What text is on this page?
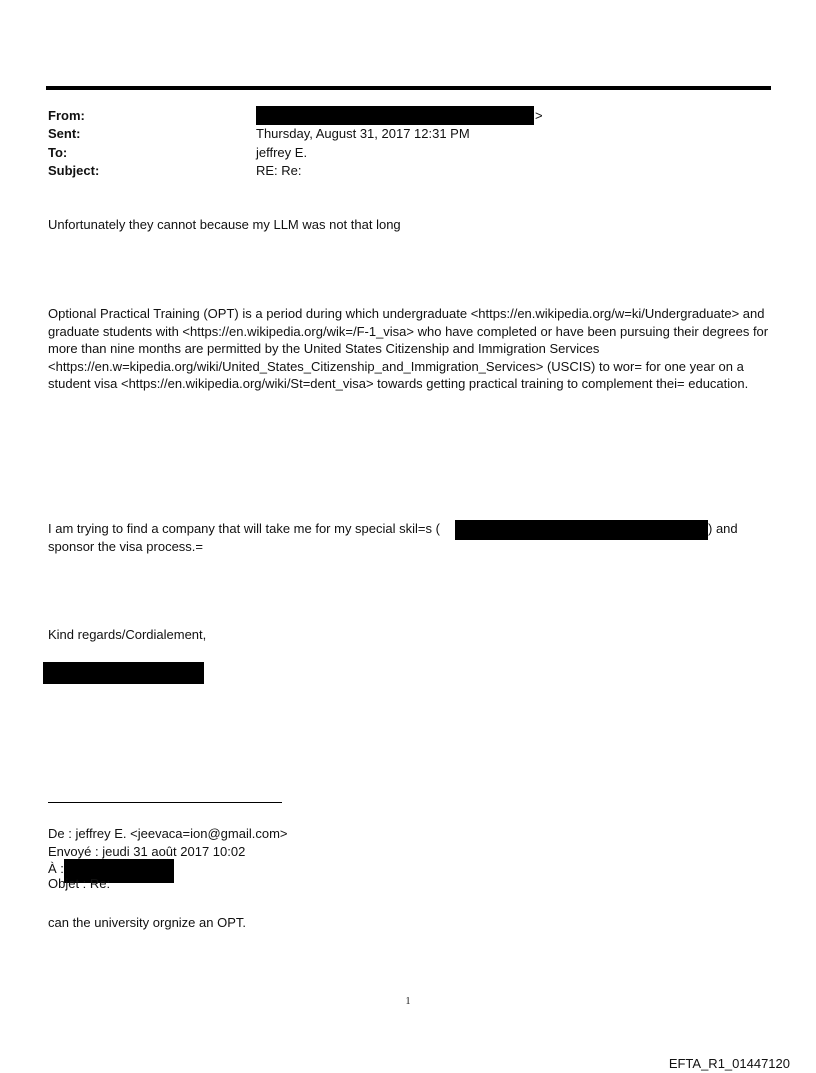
From:	>
Sent:	Thursday, August 31, 2017 12:31 PM
To:	jeffrey E.
Subject:	RE: Re:
Unfortunately they cannot because my LLM was not that long
Optional Practical Training (OPT) is a period during which undergraduate <https://en.wikipedia.org/w=ki/Undergraduate> and graduate students with <https://en.wikipedia.org/wik=/F-1_visa> who have completed or have been pursuing their degrees for more than nine months are permitted by the United States Citizenship and Immigration Services <https://en.w=kipedia.org/wiki/United_States_Citizenship_and_Immigration_Services> (USCIS) to wor= for one year on a student visa <https://en.wikipedia.org/wiki/St=dent_visa> towards getting practical training to complement thei= education.
I am trying to find a company that will take me for my special skil=s (	) and
sponsor the visa process.=
Kind regards/Cordialement,
De : jeffrey E. <jeevaca=ion@gmail.com>
Envoyé : jeudi 31 août 2017 10:02
À :
Objet : Re:
can the university orgnize an OPT.
1
EFTA_R1_01447120
